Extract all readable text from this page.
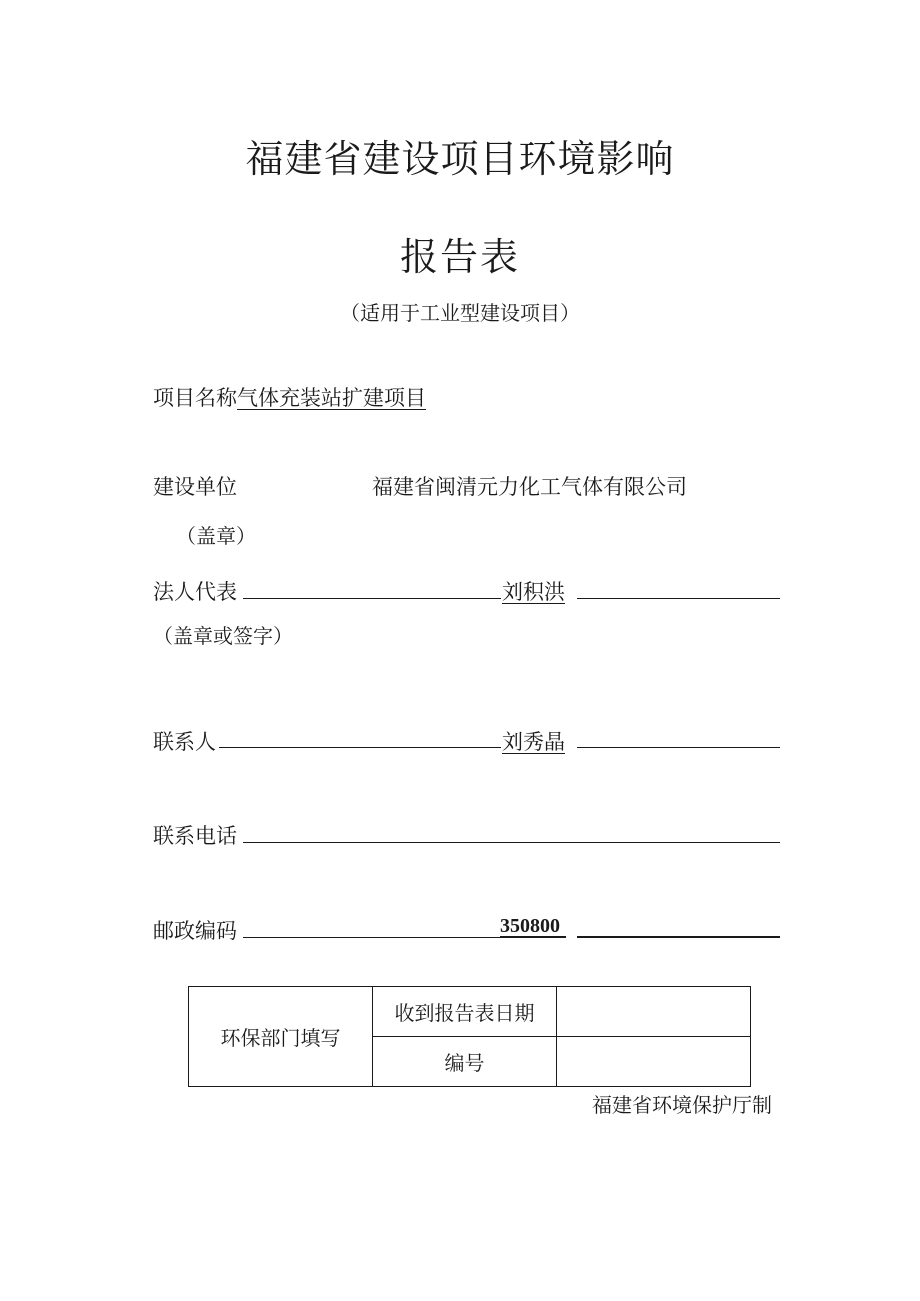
福建省建设项目环境影响
报告表
（适用于工业型建设项目）
项目名称气体充装站扩建项目
建设单位	福建省闽清元力化工气体有限公司
（盖章）
法人代表	刘积洪
（盖章或签字）
联系人	刘秀晶
联系电话
邮政编码	350800
环保部门填写	收到报告表日期	
	编号	
福建省环境保护厅制
